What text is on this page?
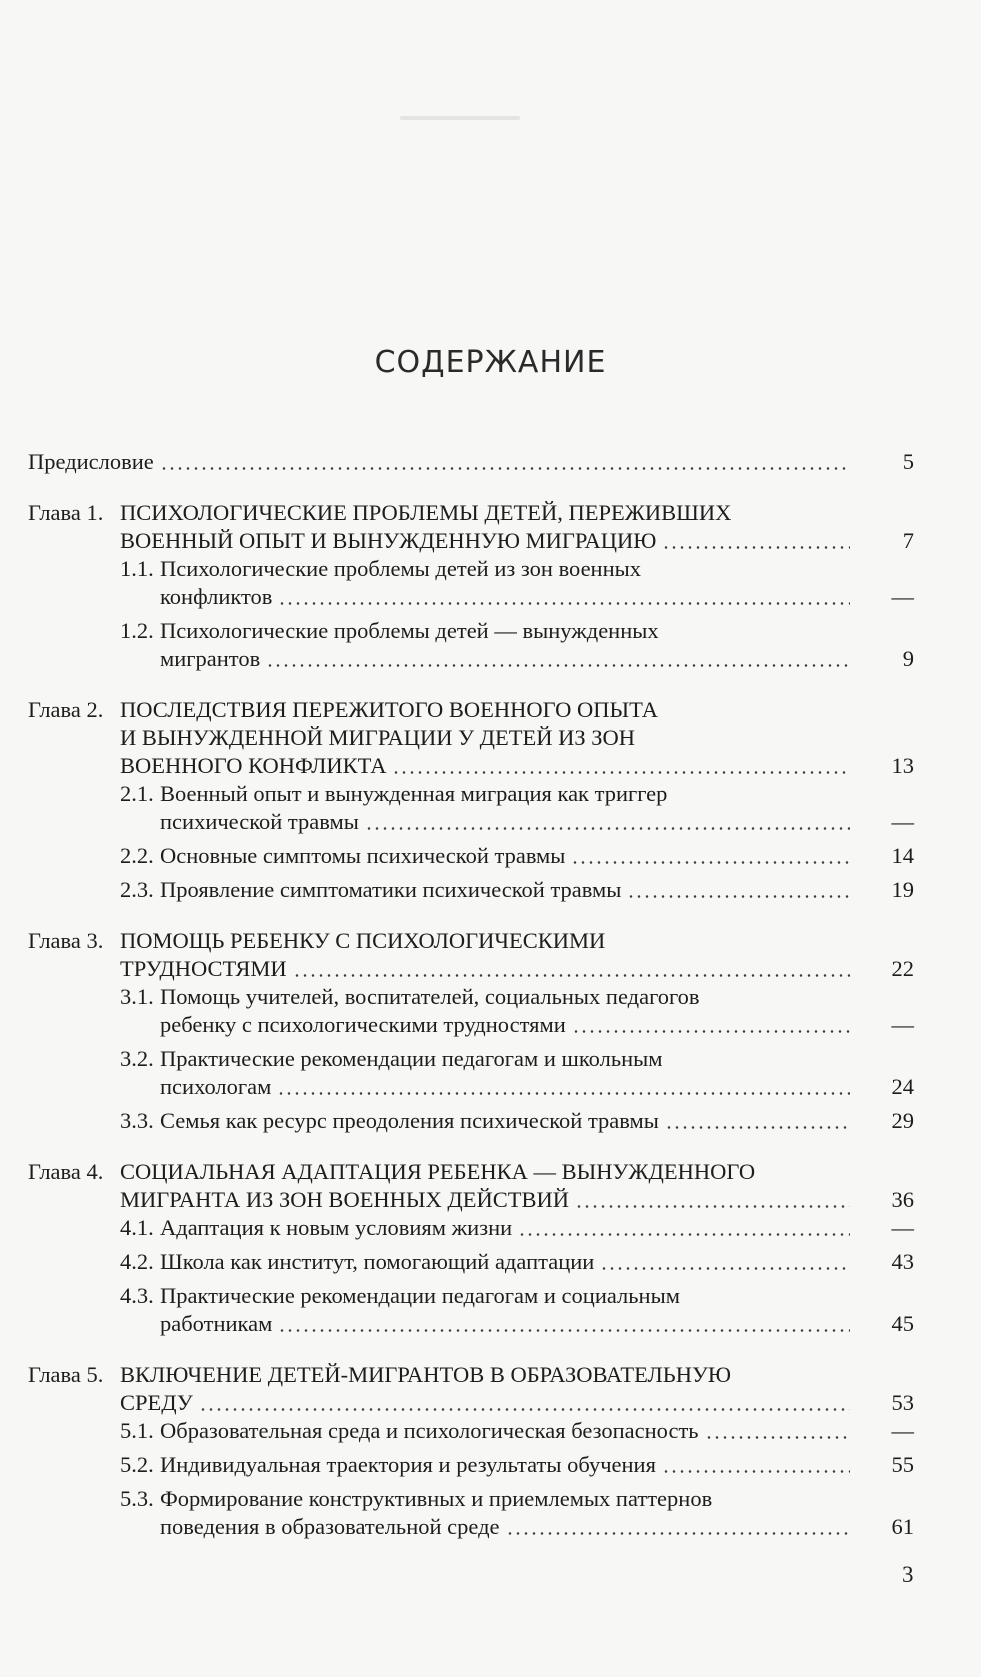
СОДЕРЖАНИЕ
Предисловие	5
Глава 1. ПСИХОЛОГИЧЕСКИЕ ПРОБЛЕМЫ ДЕТЕЙ, ПЕРЕЖИВШИХ
ВОЕННЫЙ ОПЫТ И ВЫНУЖДЕННУЮ МИГРАЦИЮ	7
1.1. Психологические проблемы детей из зон военных
конфликтов	—
1.2. Психологические проблемы детей — вынужденных
мигрантов	9
Глава 2. ПОСЛЕДСТВИЯ ПЕРЕЖИТОГО ВОЕННОГО ОПЫТА
И ВЫНУЖДЕННОЙ МИГРАЦИИ У ДЕТЕЙ ИЗ ЗОН
ВОЕННОГО КОНФЛИКТА	13
2.1. Военный опыт и вынужденная миграция как триггер
психической травмы	—
2.2. Основные симптомы психической травмы	14
2.3. Проявление симптоматики психической травмы	19
Глава 3. ПОМОЩЬ РЕБЕНКУ С ПСИХОЛОГИЧЕСКИМИ
ТРУДНОСТЯМИ	22
3.1. Помощь учителей, воспитателей, социальных педагогов
ребенку с психологическими трудностями	—
3.2. Практические рекомендации педагогам и школьным
психологам	24
3.3. Семья как ресурс преодоления психической травмы	29
Глава 4. СОЦИАЛЬНАЯ АДАПТАЦИЯ РЕБЕНКА — ВЫНУЖДЕННОГО
МИГРАНТА ИЗ ЗОН ВОЕННЫХ ДЕЙСТВИЙ	36
4.1. Адаптация к новым условиям жизни	—
4.2. Школа как институт, помогающий адаптации	43
4.3. Практические рекомендации педагогам и социальным
работникам	45
Глава 5. ВКЛЮЧЕНИЕ ДЕТЕЙ-МИГРАНТОВ В ОБРАЗОВАТЕЛЬНУЮ
СРЕДУ	53
5.1. Образовательная среда и психологическая безопасность	—
5.2. Индивидуальная траектория и результаты обучения	55
5.3. Формирование конструктивных и приемлемых паттернов
поведения в образовательной среде	61
3
